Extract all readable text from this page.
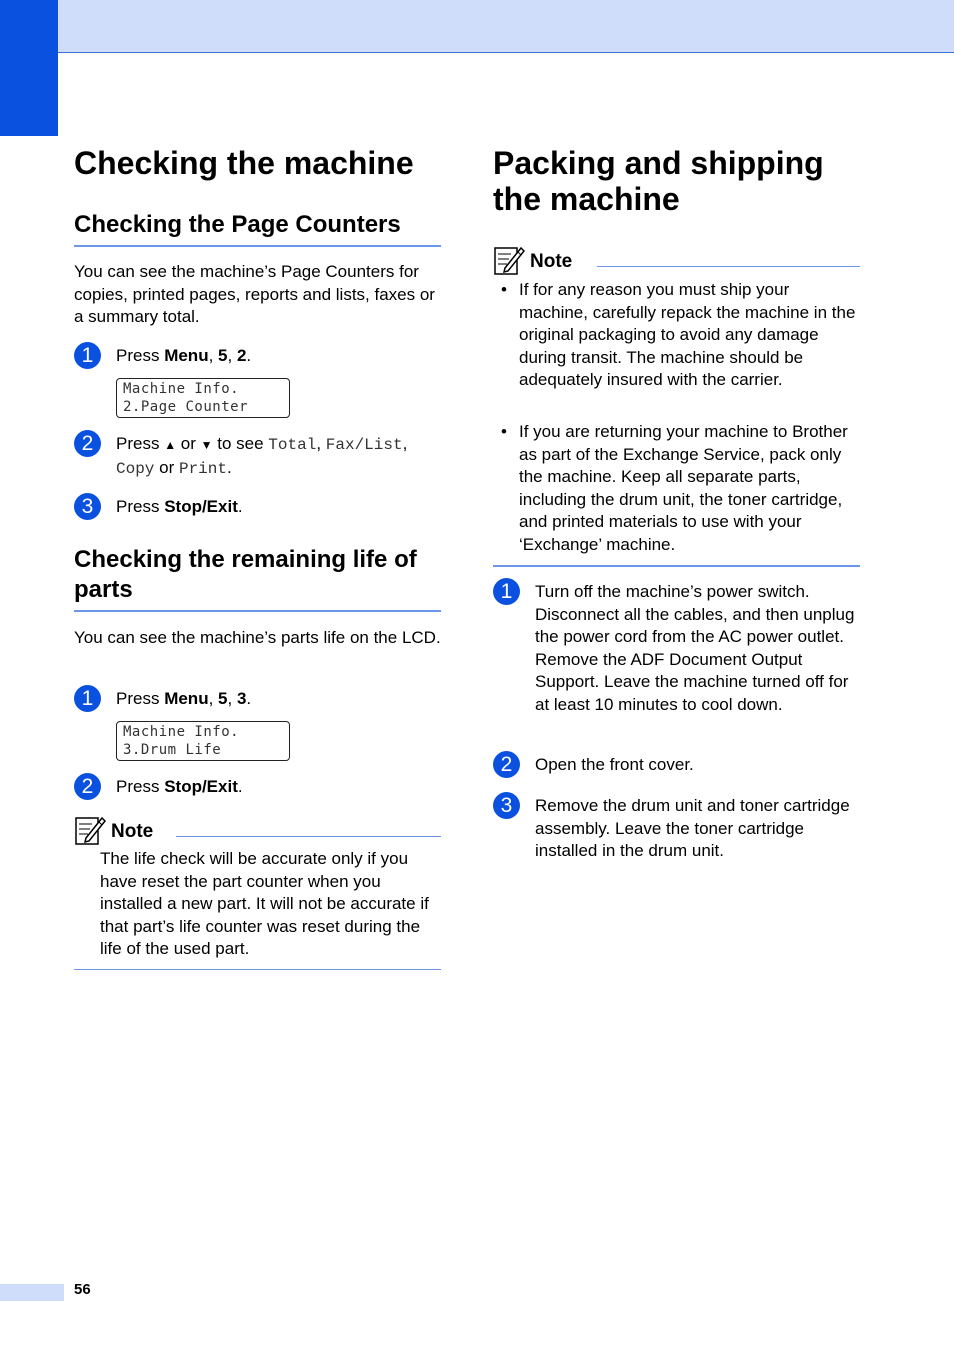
Checking the machine
Checking the Page Counters
You can see the machine’s Page Counters for copies, printed pages, reports and lists, faxes or a summary total.
1	Press Menu, 5, 2.
Machine Info.
2.Page Counter
2	Press ▲ or ▼ to see Total, Fax/List, Copy or Print.
3	Press Stop/Exit.
Checking the remaining life of parts
You can see the machine’s parts life on the LCD.
1	Press Menu, 5, 3.
Machine Info.
3.Drum Life
2	Press Stop/Exit.
Note
The life check will be accurate only if you have reset the part counter when you installed a new part. It will not be accurate if that part’s life counter was reset during the life of the used part.
Packing and shipping the machine
Note
• If for any reason you must ship your machine, carefully repack the machine in the original packaging to avoid any damage during transit. The machine should be adequately insured with the carrier.
• If you are returning your machine to Brother as part of the Exchange Service, pack only the machine. Keep all separate parts, including the drum unit, the toner cartridge, and printed materials to use with your ‘Exchange’ machine.
1	Turn off the machine’s power switch. Disconnect all the cables, and then unplug the power cord from the AC power outlet. Remove the ADF Document Output Support. Leave the machine turned off for at least 10 minutes to cool down.
2	Open the front cover.
3	Remove the drum unit and toner cartridge assembly. Leave the toner cartridge installed in the drum unit.
56
